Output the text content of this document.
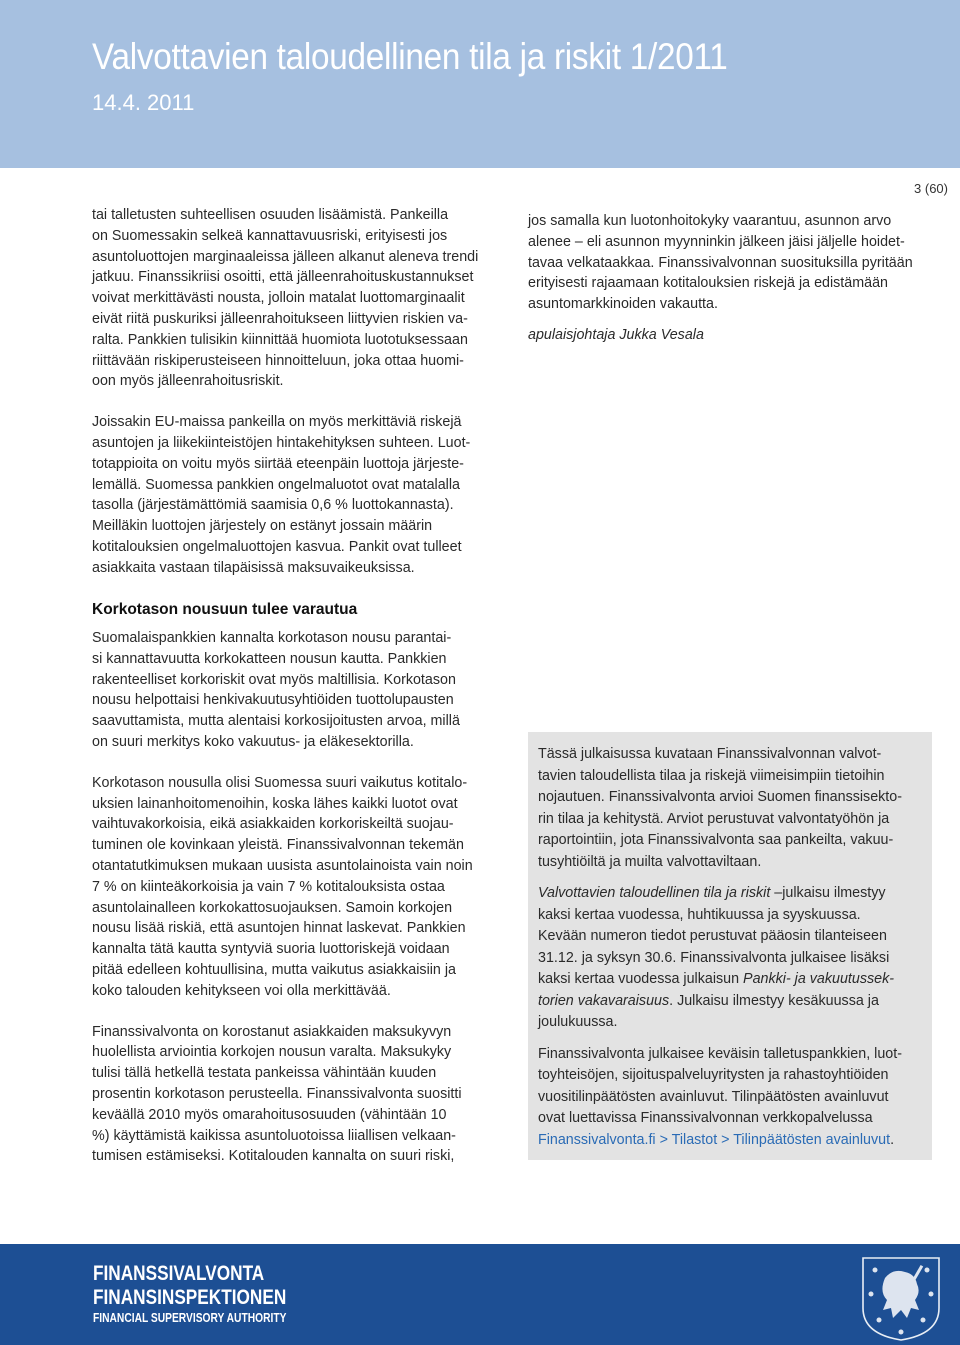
Valvottavien taloudellinen tila ja riskit 1/2011
14.4. 2011
3 (60)

tai talletusten suhteellisen osuuden lisäämistä. Pankeilla
on Suomessakin selkeä kannattavuusriski, erityisesti jos
asuntoluottojen marginaaleissa jälleen alkanut aleneva trendi
jatkuu. Finanssikriisi osoitti, että jälleenrahoituskustannukset
voivat merkittävästi nousta, jolloin matalat luottomarginaalit
eivät riitä puskuriksi jälleenrahoitukseen liittyvien riskien va-
ralta. Pankkien tulisikin kiinnittää huomiota luototuksessaan
riittävään riskiperusteiseen hinnoitteluun, joka ottaa huomi-
oon myös jälleenrahoitusriskit.

Joissakin EU-maissa pankeilla on myös merkittäviä riskejä
asuntojen ja liikekiinteistöjen hintakehityksen suhteen. Luot-
totappioita on voitu myös siirtää eteenpäin luottoja järjeste-
lemällä. Suomessa pankkien ongelmaluotot ovat matalalla
tasolla (järjestämättömiä saamisia 0,6 % luottokannasta).
Meilläkin luottojen järjestely on estänyt jossain määrin
kotitalouksien ongelmaluottojen kasvua. Pankit ovat tulleet
asiakkaita vastaan tilapäisissä maksuvaikeuksissa.

Korkotason nousuun tulee varautua

Suomalaispankkien kannalta korkotason nousu parantai-
si kannattavuutta korkokatteen nousun kautta. Pankkien
rakenteelliset korkoriskit ovat myös maltillisia. Korkotason
nousu helpottaisi henkivakuutusyhtiöiden tuottolupausten
saavuttamista, mutta alentaisi korkosijoitusten arvoa, millä
on suuri merkitys koko vakuutus- ja eläkesektorilla.

Korkotason nousulla olisi Suomessa suuri vaikutus kotitalo-
uksien lainanhoitomenoihin, koska lähes kaikki luotot ovat
vaihtuvakorkoisia, eikä asiakkaiden korkoriskeiltä suojau-
tuminen ole kovinkaan yleistä. Finanssivalvonnan tekemän
otantatutkimuksen mukaan uusista asuntolainoista vain noin
7 % on kiinteäkorkoisia ja vain 7 % kotitalouksista ostaa
asuntolainalleen korkokattosuojauksen. Samoin korkojen
nousu lisää riskiä, että asuntojen hinnat laskevat. Pankkien
kannalta tätä kautta syntyviä suoria luottoriskejä voidaan
pitää edelleen kohtuullisina, mutta vaikutus asiakkaisiin ja
koko talouden kehitykseen voi olla merkittävää.

Finanssivalvonta on korostanut asiakkaiden maksukyvyn
huolellista arviointia korkojen nousun varalta. Maksukyky
tulisi tällä hetkellä testata pankeissa vähintään kuuden
prosentin korkotason perusteella. Finanssivalvonta suositti
keväällä 2010 myös omarahoitusosuuden (vähintään 10
%) käyttämistä kaikissa asuntoluotoissa liiallisen velkaan-
tumisen estämiseksi. Kotitalouden kannalta on suuri riski,

jos samalla kun luotonhoitokyky vaarantuu, asunnon arvo
alenee – eli asunnon myynninkin jälkeen jäisi jäljelle hoidet-
tavaa velkataakkaa. Finanssivalvonnan suosituksilla pyritään
erityisesti rajaamaan kotitalouksien riskejä ja edistämään
asuntomarkkinoiden vakautta.

apulaisjohtaja Jukka Vesala

Tässä julkaisussa kuvataan Finanssivalvonnan valvot-
tavien taloudellista tilaa ja riskejä viimeisimpiin tietoihin
nojautuen. Finanssivalvonta arvioi Suomen finanssisekto-
rin tilaa ja kehitystä. Arviot perustuvat valvontatyöhön ja
raportointiin, jota Finanssivalvonta saa pankeilta, vakuu-
tusyhtiöiltä ja muilta valvottaviltaan.

Valvottavien taloudellinen tila ja riskit –julkaisu ilmestyy
kaksi kertaa vuodessa, huhtikuussa ja syyskuussa.
Kevään numeron tiedot perustuvat pääosin tilanteiseen
31.12. ja syksyn 30.6. Finanssivalvonta julkaisee lisäksi
kaksi kertaa vuodessa julkaisun Pankki- ja vakuutussek-
torien vakavaraisuus. Julkaisu ilmestyy kesäkuussa ja
joulukuussa.

Finanssivalvonta julkaisee keväisin talletuspankkien, luot-
toyhteisöjen, sijoituspalveluyritysten ja rahastoyhtiöiden
vuositilinpäätösten avainluvut. Tilinpäätösten avainluvut
ovat luettavissa Finanssivalvonnan verkkopalvelussa
Finanssivalvonta.fi > Tilastot > Tilinpäätösten avainluvut.

FINANSSIVALVONTA
FINANSINSPEKTIONEN
FINANCIAL SUPERVISORY AUTHORITY
